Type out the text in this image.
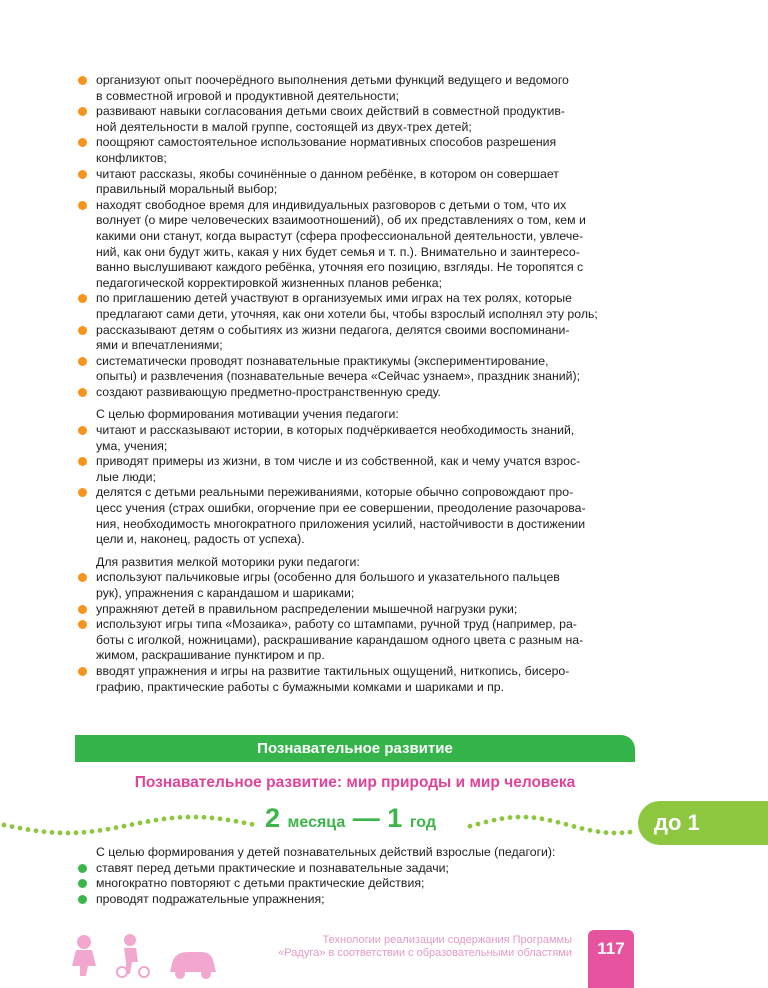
организуют опыт поочерёдного выполнения детьми функций ведущего и ведомого
в совместной игровой и продуктивной деятельности;
развивают навыки согласования детьми своих действий в совместной продуктив-
ной деятельности в малой группе, состоящей из двух-трех детей;
поощряют самостоятельное использование нормативных способов разрешения
конфликтов;
читают рассказы, якобы сочинённые о данном ребёнке, в котором он совершает
правильный моральный выбор;
находят свободное время для индивидуальных разговоров с детьми о том, что их
волнует (о мире человеческих взаимоотношений), об их представлениях о том, кем и
какими они станут, когда вырастут (сфера профессиональной деятельности, увлече-
ний, как они будут жить, какая у них будет семья и т. п.). Внимательно и заинтересо-
ванно выслушивают каждого ребёнка, уточняя его позицию, взгляды. Не торопятся с
педагогической корректировкой жизненных планов ребенка;
по приглашению детей участвуют в организуемых ими играх на тех ролях, которые
предлагают сами дети, уточняя, как они хотели бы, чтобы взрослый исполнял эту роль;
рассказывают детям о событиях из жизни педагога, делятся своими воспоминани-
ями и впечатлениями;
систематически проводят познавательные практикумы (экспериментирование,
опыты) и развлечения (познавательные вечера «Сейчас узнаем», праздник знаний);
создают развивающую предметно-пространственную среду.

С целью формирования мотивации учения педагоги:

читают и рассказывают истории, в которых подчёркивается необходимость знаний,
ума, учения;
приводят примеры из жизни, в том числе и из собственной, как и чему учатся взрос-
лые люди;
делятся с детьми реальными переживаниями, которые обычно сопровождают про-
цесс учения (страх ошибки, огорчение при ее совершении, преодоление разочарова-
ния, необходимость многократного приложения усилий, настойчивости в достижении
цели и, наконец, радость от успеха).

Для развития мелкой моторики руки педагоги:

используют пальчиковые игры (особенно для большого и указательного пальцев
рук), упражнения с карандашом и шариками;
упражняют детей в правильном распределении мышечной нагрузки руки;
используют игры типа «Мозаика», работу со штампами, ручной труд (например, ра-
боты с иголкой, ножницами), раскрашивание карандашом одного цвета с разным на-
жимом, раскрашивание пунктиром и пр.
вводят упражнения и игры на развитие тактильных ощущений, ниткопись, бисеро-
графию, практические работы с бумажными комками и шариками и пр.
Познавательное развитие
Познавательное развитие: мир природы и мир человека
2 месяца — 1 год	до 1

С целью формирования у детей познавательных действий взрослые (педагоги):

ставят перед детьми практические и познавательные задачи;
многократно повторяют с детьми практические действия;
проводят подражательные упражнения;
Технологии реализации содержания Программы
«Радуга» в соответствии с образовательными областями	117
